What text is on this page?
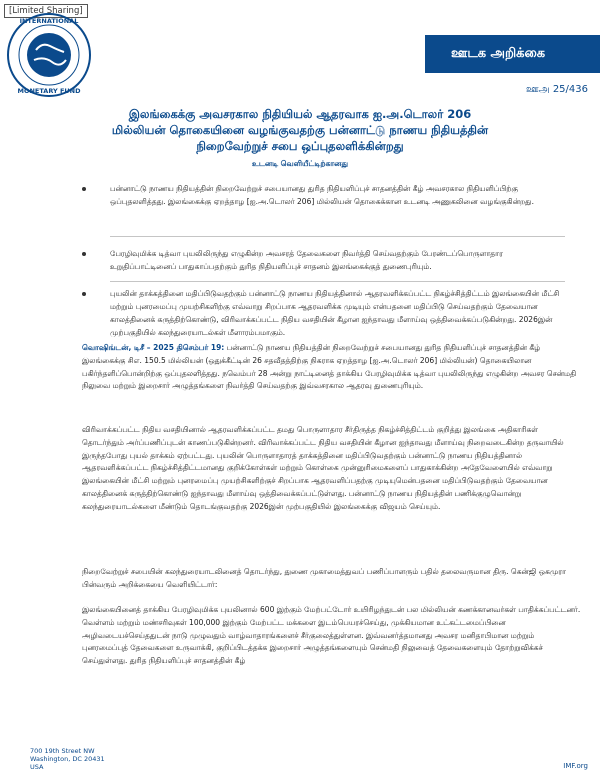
[Limited Sharing]
INTERNATIONAL
MONETARY FUND
ஊடக அறிக்கை
ஊஅ 25/436
இலங்கைக்கு அவசரகால நிதியியல் ஆதரவாக ஐ.அ.டொலர் 206
மில்லியன் தொகையினை வழங்குவதற்கு பன்னாட்டு நாணய நிதியத்தின்
நிறைவேற்றுச் சபை ஒப்புதலளிக்கின்றது
உடனடி வெளியீட்டிற்கானது
பன்னாட்டு நாணய நிதியத்தின் நிறைவேற்றுச் சபையானது துரித நிதியளிப்புச் சாதனத்தின் கீழ் அவசரகால நிதியளிப்பிற்கு ஒப்புதலளித்தது. இலங்கைக்கு ஏறத்தாழ [ஐ.அ.டொலர் 206] மில்லியன் தொகைக்கான உடனடி அணுகலினை வழங்குகின்றது.
பேரழிவுமிக்க டித்வா புயலிலிருந்து எழுகின்ற அவசரத் தேவைகளை நிவர்த்தி செய்வதற்கும் பேரண்டப்பொருளாதார உறுதிப்பாட்டினைப் பாதுகாப்பதற்கும் துரித நிதியளிப்புச் சாதனம் இலங்கைக்குத் துணைபுரியும்.
புயலின் தாக்கத்தினை மதிப்பிடுவதற்கும் பன்னாட்டு நாணய நிதியத்தினால் ஆதரவளிக்கப்பட்ட நிகழ்ச்சித்திட்டம் இலங்கையின் மீட்சி மற்றும் புனரமைப்பு முயற்சிகளிற்கு எவ்வாறு சிறப்பாக ஆதரவளிக்க முடியும் என்பதனை மதிப்பிடு செய்வதற்கும் தேவையான காலத்தினைக் கருத்திற்கொண்டு, விரிவாக்கப்பட்ட நிதிய வசதியின் கீழான ஐந்தாவது மீளாய்வு ஒத்திவைக்கப்படுகின்றது. 2026இன் முற்பகுதியில் கலந்துரையாடல்கள் மீளாரம்பமாகும்.
வொஷிங்டன், டிசீ – 2025 திசெம்பர் 19: பன்னாட்டு நாணய நிதியத்தின் நிறைவேற்றுச் சபையானது துரித நிதியளிப்புச் சாதனத்தின் கீழ் இலங்கைக்கு சிஎ. 150.5 மில்லியன் (ஒதுக்கீட்டின் 26 சதவீதத்திற்கு நிகராக ஏறத்தாழ [ஐ.அ.டொலர் 206] மில்லியன்) தொகையிலான பகிர்ந்தளிப்பொன்றிற்கு ஒப்புதலளித்தது. நவெம்பர் 28 அன்று நாட்டினைத் தாக்கிய பேரழிவுமிக்க டித்வா புயலிலிருந்து எழுகின்ற அவசர சென்மதி நிலுவை மற்றும் இறைசார் அழுத்தங்களை நிவர்த்தி செய்வதற்கு இவ்வசரகால ஆதரவு துணைபுரியும்.
விரிவாக்கப்பட்ட நிதிய வசதியினால் ஆதரவளிக்கப்பட்ட தமது பொருளாதார சீர்திருத்த நிகழ்ச்சித்திட்டம் குறித்து இலங்கை அதிகாரிகள் தொடர்ந்தும் அர்ப்பணிப்புடன் காணப்படுகின்றனர். விரிவாக்கப்பட்ட நிதிய வசதியின் கீழான ஐந்தாவது மீளாய்வு நிறைவடைகின்ற தருவாயில் இருந்தபோது புயல் தாக்கம் ஏற்பட்டது. புயலின் பொருளாதாரத் தாக்கத்தினை மதிப்பிடுவதற்கும் பன்னாட்டு நாணய நிதியத்தினால் ஆதரவளிக்கப்பட்ட நிகழ்ச்சித்திட்டமானது குறிக்கோள்கள் மற்றும் கொள்கை முன்னுரிமைகளைப் பாதுகாக்கின்ற அதேவேளையில் எவ்வாறு இலங்கையின் மீட்சி மற்றும் புனரமைப்பு முயற்சிகளிற்குச் சிறப்பாக ஆதரவளிப்பதற்கு முடியுமென்பதனை மதிப்பிடுவதற்கும் தேவையான காலத்தினைக் கருத்திற்கொண்டு ஐந்தாவது மீளாய்வு ஒத்திவைக்கப்பட்டுள்ளது. பன்னாட்டு நாணய நிதியத்தின் பணிக்குழுவொன்று கலந்துரையாடல்களை மீண்டும் தொடங்குவதற்கு 2026இன் முற்பகுதியில் இலங்கைக்கு விஜயம் செய்யும்.
நிறைவேற்றுச் சபையின் கலந்துரையாடலினைத் தொடர்ந்து, துணை முகாமைத்துவப் பணிப்பாளரும் பதில் தலைவருமான திரு. கென்ஜி ஒகமுரா பின்வரும் அறிக்கையை வெளியிட்டார்:
இலங்கையினைத் தாக்கிய பேரழிவுமிக்க புயலினால் 600 இற்கும் மேற்பட்டோர் உயிரிழந்துடன் பல மில்லியன் கணக்கானவர்கள் பாதிக்கப்பட்டனர். வெள்ளம் மற்றும் மண்சரிவுகள் 100,000 இற்கும் மேற்பட்ட மக்களை இடம்பெயரச்செய்து, முக்கியமான உட்கட்டமைப்பினை அழிவடையச்செய்ததுடன் நாடு முழுவதும் வாழ்வாதாரங்களைச் சீர்குலைத்துள்ளன. இவ்வனர்த்தமானது அவசர மனிதாபிமான மற்றும் புனரமைப்புத் தேவைகளை உருவாக்கி, குறிப்பிடத்தக்க இறைசார் அழுத்தங்களையும் சென்மதி நிலுவைத் தேவைகளையும் தோற்றுவிக்கச் செய்துள்ளது. துரித நிதியளிப்புச் சாதனத்தின் கீழ்
700 19th Street NW
Washington, DC 20431
USA	IMF.org
